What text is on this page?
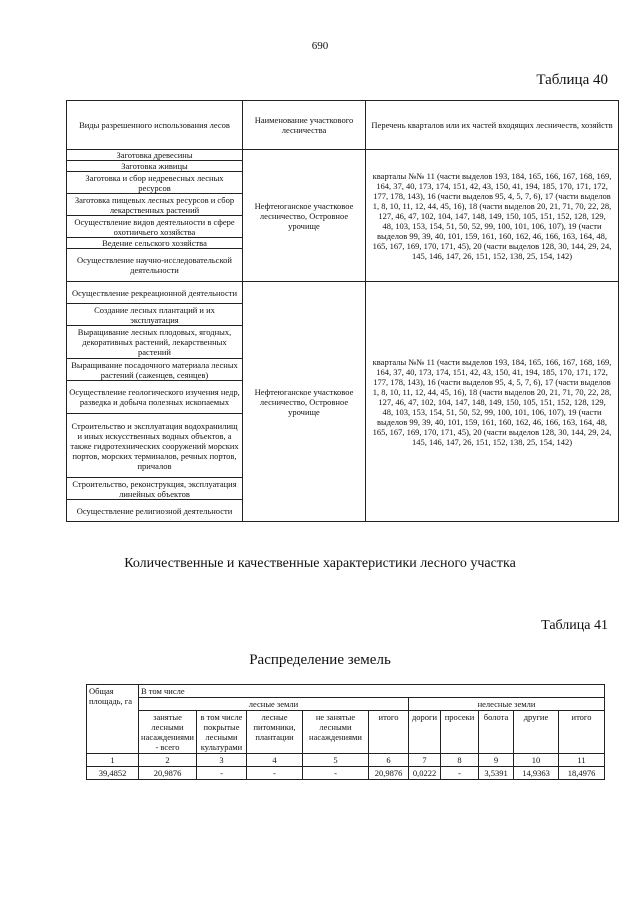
690
Таблица 40
Виды разрешенного использования лесов	Наименование участкового лесничества	Перечень кварталов или их частей входящих лесничеств, хозяйств
Заготовка древесины	Нефтеюганское участковое лесничество, Островное урочище	кварталы №№ 11 (части выделов 193, 184, 165, 166, 167, 168, 169, 164, 37, 40, 173, 174, 151, 42, 43, 150, 41, 194, 185, 170, 171, 172, 177, 178, 143), 16 (части выделов 95, 4, 5, 7, 6), 17 (части выделов 1, 8, 10, 11, 12, 44, 45, 16), 18 (части выделов 20, 21, 71, 70, 22, 28, 127, 46, 47, 102, 104, 147, 148, 149, 150, 105, 151, 152, 128, 129, 48, 103, 153, 154, 51, 50, 52, 99, 100, 101, 106, 107), 19 (части выделов 99, 39, 40, 101, 159, 161, 160, 162, 46, 166, 163, 164, 48, 165, 167, 169, 170, 171, 45), 20 (части выделов 128, 30, 144, 29, 24, 145, 146, 147, 26, 151, 152, 138, 25, 154, 142)
Заготовка живицы		
Заготовка и сбор недревесных лесных ресурсов		
Заготовка пищевых лесных ресурсов и сбор лекарственных растений		
Осуществление видов деятельности в сфере охотничьего хозяйства		
Ведение сельского хозяйства		
Осуществление научно-исследовательской деятельности		
Осуществление рекреационной деятельности	Нефтеюганское участковое лесничество, Островное урочище	кварталы №№ 11 (части выделов 193, 184, 165, 166, 167, 168, 169, 164, 37, 40, 173, 174, 151, 42, 43, 150, 41, 194, 185, 170, 171, 172, 177, 178, 143), 16 (части выделов 95, 4, 5, 7, 6), 17 (части выделов 1, 8, 10, 11, 12, 44, 45, 16), 18 (части выделов 20, 21, 71, 70, 22, 28, 127, 46, 47, 102, 104, 147, 148, 149, 150, 105, 151, 152, 128, 129, 48, 103, 153, 154, 51, 50, 52, 99, 100, 101, 106, 107), 19 (части выделов 99, 39, 40, 101, 159, 161, 160, 162, 46, 166, 163, 164, 48, 165, 167, 169, 170, 171, 45), 20 (части выделов 128, 30, 144, 29, 24, 145, 146, 147, 26, 151, 152, 138, 25, 154, 142)
Создание лесных плантаций и их эксплуатация		
Выращивание лесных плодовых, ягодных, декоративных растений, лекарственных растений		
Выращивание посадочного материала лесных растений (саженцев, сеянцев)		
Осуществление геологического изучения недр, разведка и добыча полезных ископаемых		
Строительство и эксплуатация водохранилищ и иных искусственных водных объектов, а также гидротехнических сооружений морских портов, морских терминалов, речных портов, причалов		
Строительство, реконструкция, эксплуатация линейных объектов		
Осуществление религиозной деятельности		
Количественные и качественные характеристики лесного участка
Таблица 41
Распределение земель
Общая площадь, га	В том числе									
	лесные земли					нелесные земли				
	занятые лесными насаждениями - всего	в том числе покрытые лесными культурами	лесные питомники, плантации	не занятые лесными насаждениями	итого	дороги	просеки	болота	другие	итого
1	2	3	4	5	6	7	8	9	10	11
39,4852	20,9876	-	-	-	20,9876	0,0222	-	3,5391	14,9363	18,4976
